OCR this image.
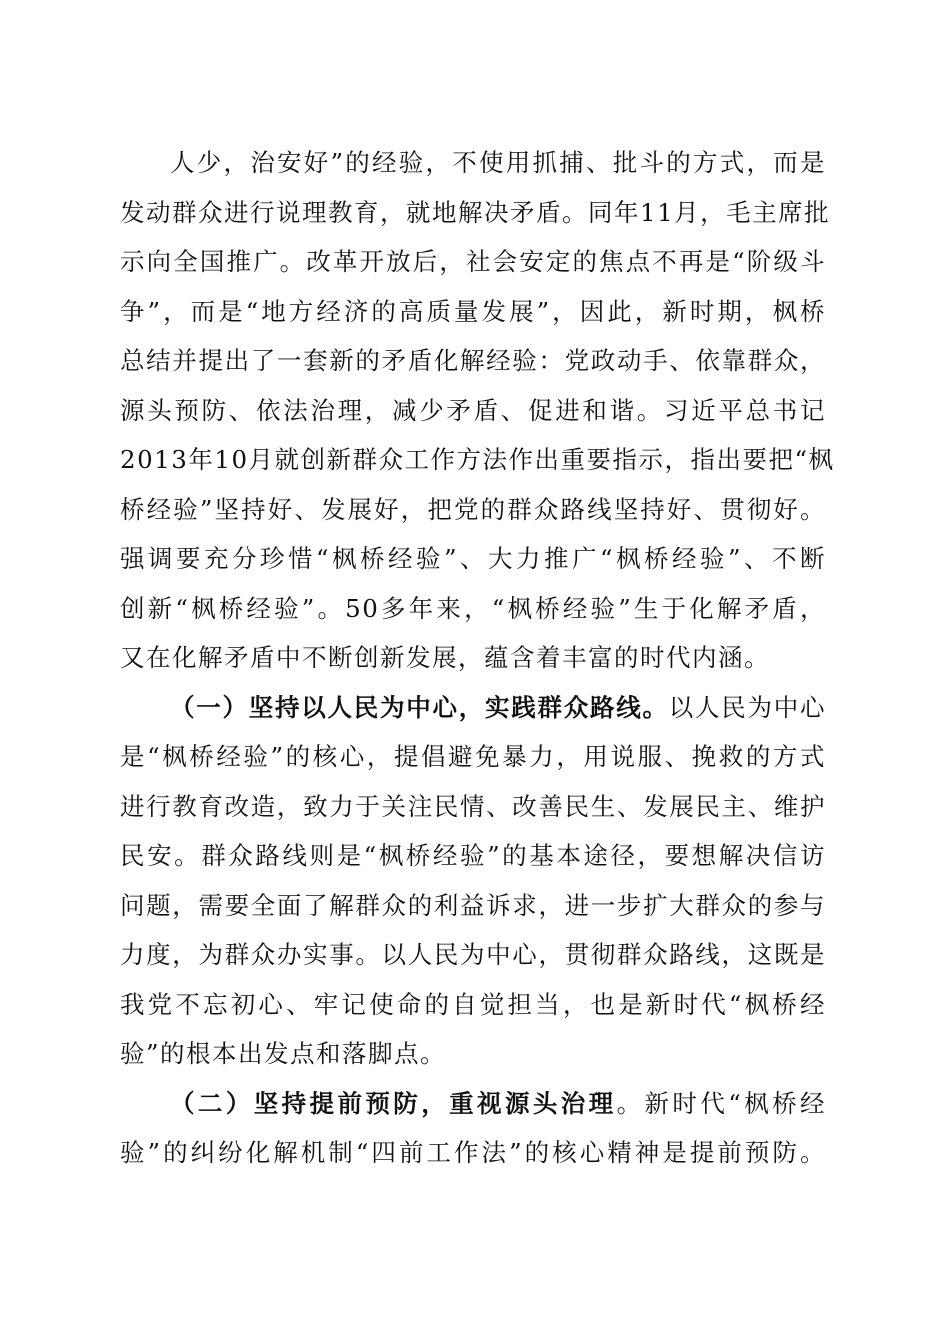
人少，治安好”的经验，不使用抓捕、批斗的方式，而是
发动群众进行说理教育，就地解决矛盾。同年11月，毛主席批
示向全国推广。改革开放后，社会安定的焦点不再是“阶级斗
争”，而是“地方经济的高质量发展”，因此，新时期，枫桥
总结并提出了一套新的矛盾化解经验：党政动手、依靠群众，
源头预防、依法治理，减少矛盾、促进和谐。习近平总书记
2013年10月就创新群众工作方法作出重要指示，指出要把“枫
桥经验”坚持好、发展好，把党的群众路线坚持好、贯彻好。
强调要充分珍惜“枫桥经验”、大力推广“枫桥经验”、不断
创新“枫桥经验”。50多年来，“枫桥经验”生于化解矛盾，
又在化解矛盾中不断创新发展，蕴含着丰富的时代内涵。
（一）坚持以人民为中心，实践群众路线。以人民为中心
是“枫桥经验”的核心，提倡避免暴力，用说服、挽救的方式
进行教育改造，致力于关注民情、改善民生、发展民主、维护
民安。群众路线则是“枫桥经验”的基本途径，要想解决信访
问题，需要全面了解群众的利益诉求，进一步扩大群众的参与
力度，为群众办实事。以人民为中心，贯彻群众路线，这既是
我党不忘初心、牢记使命的自觉担当，也是新时代“枫桥经
验”的根本出发点和落脚点。
（二）坚持提前预防，重视源头治理。新时代“枫桥经
验”的纠纷化解机制“四前工作法”的核心精神是提前预防。
